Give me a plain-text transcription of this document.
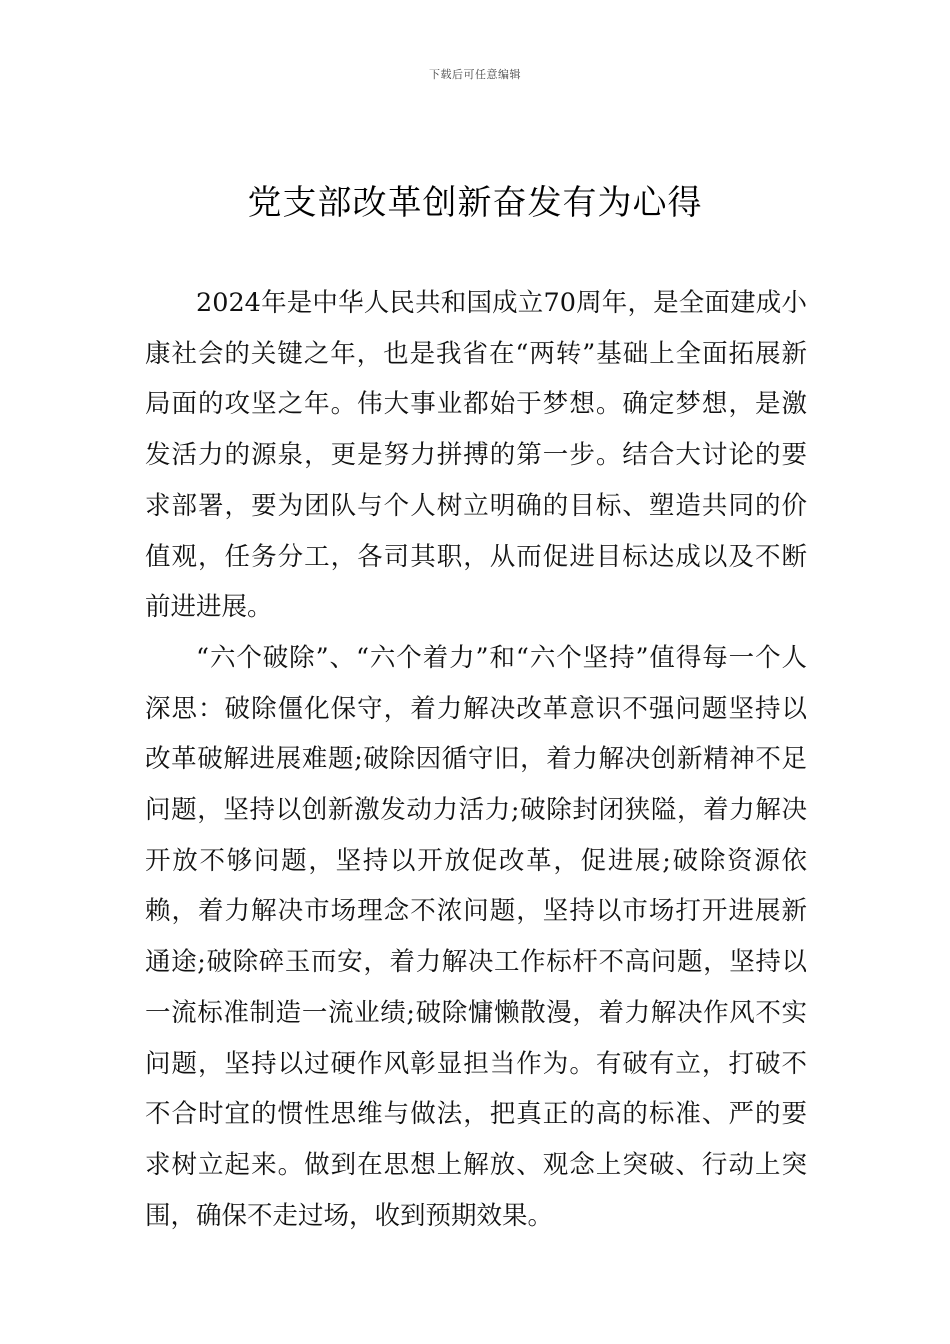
下载后可任意编辑
党支部改革创新奋发有为心得

2024年是中华人民共和国成立70周年，是全面建成小康社会的关键之年，也是我省在“两转”基础上全面拓展新局面的攻坚之年。伟大事业都始于梦想。确定梦想，是激发活力的源泉，更是努力拼搏的第一步。结合大讨论的要求部署，要为团队与个人树立明确的目标、塑造共同的价值观，任务分工，各司其职，从而促进目标达成以及不断前进进展。

“六个破除”、“六个着力”和“六个坚持”值得每一个人深思：破除僵化保守，着力解决改革意识不强问题坚持以改革破解进展难题;破除因循守旧，着力解决创新精神不足问题，坚持以创新激发动力活力;破除封闭狭隘，着力解决开放不够问题，坚持以开放促改革，促进展;破除资源依赖，着力解决市场理念不浓问题，坚持以市场打开进展新通途;破除碎玉而安，着力解决工作标杆不高问题，坚持以一流标准制造一流业绩;破除慵懒散漫，着力解决作风不实问题，坚持以过硬作风彰显担当作为。有破有立，打破不不合时宜的惯性思维与做法，把真正的高的标准、严的要求树立起来。做到在思想上解放、观念上突破、行动上突围，确保不走过场，收到预期效果。
